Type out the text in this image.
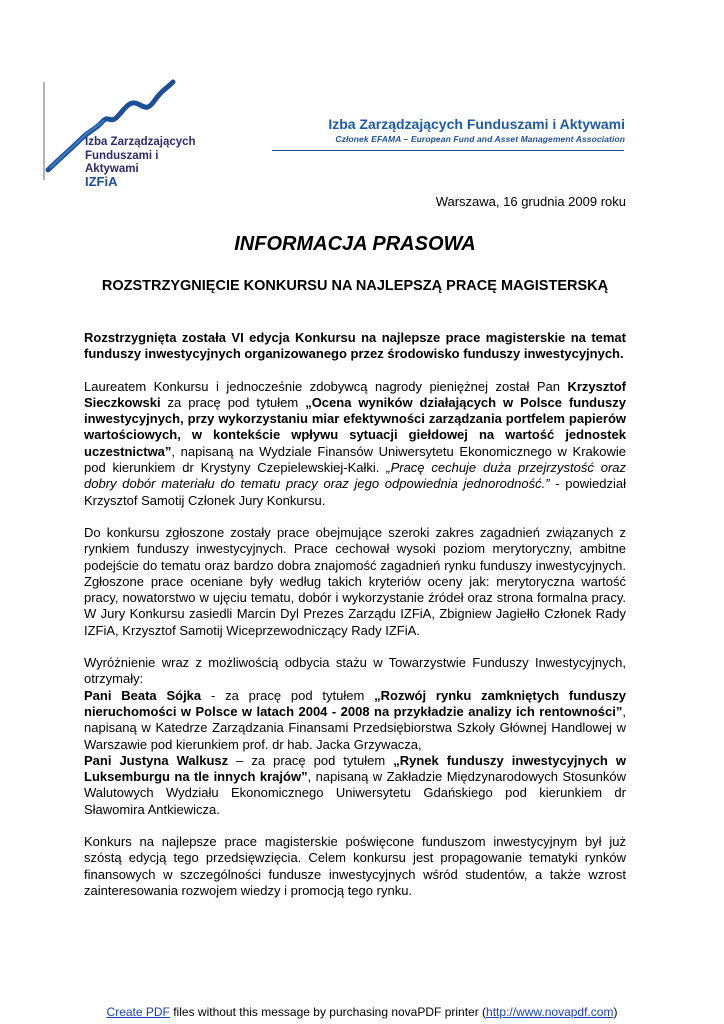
Izba Zarządzających
Funduszami i Aktywami
IZFiA
Izba Zarządzających Funduszami i Aktywami
Członek EFAMA – European Fund and Asset Management Association
Warszawa, 16 grudnia 2009 roku
INFORMACJA PRASOWA
ROZSTRZYGNIĘCIE KONKURSU NA NAJLEPSZĄ PRACĘ MAGISTERSKĄ

Rozstrzygnięta została VI edycja Konkursu na najlepsze prace magisterskie na temat funduszy inwestycyjnych organizowanego przez środowisko funduszy inwestycyjnych.

Laureatem Konkursu i jednocześnie zdobywcą nagrody pieniężnej został Pan Krzysztof Sieczkowski za pracę pod tytułem „Ocena wyników działających w Polsce funduszy inwestycyjnych, przy wykorzystaniu miar efektywności zarządzania portfelem papierów wartościowych, w kontekście wpływu sytuacji giełdowej na wartość jednostek uczestnictwa”, napisaną na Wydziale Finansów Uniwersytetu Ekonomicznego w Krakowie pod kierunkiem dr Krystyny Czepielewskiej-Kałki. „Pracę cechuje duża przejrzystość oraz dobry dobór materiału do tematu pracy oraz jego odpowiednia jednorodność.” - powiedział Krzysztof Samotij Członek Jury Konkursu.

Do konkursu zgłoszone zostały prace obejmujące szeroki zakres zagadnień związanych z rynkiem funduszy inwestycyjnych. Prace cechował wysoki poziom merytoryczny, ambitne podejście do tematu oraz bardzo dobra znajomość zagadnień rynku funduszy inwestycyjnych. Zgłoszone prace oceniane były według takich kryteriów oceny jak: merytoryczna wartość pracy, nowatorstwo w ujęciu tematu, dobór i wykorzystanie źródeł oraz strona formalna pracy. W Jury Konkursu zasiedli Marcin Dyl Prezes Zarządu IZFiA, Zbigniew Jagiełło Członek Rady IZFiA, Krzysztof Samotij Wiceprzewodniczący Rady IZFiA.

Wyróżnienie wraz z możliwością odbycia stażu w Towarzystwie Funduszy Inwestycyjnych, otrzymały:
Pani Beata Sójka - za pracę pod tytułem „Rozwój rynku zamkniętych funduszy nieruchomości w Polsce w latach 2004 - 2008 na przykładzie analizy ich rentowności”, napisaną w Katedrze Zarządzania Finansami Przedsiębiorstwa Szkoły Głównej Handlowej w Warszawie pod kierunkiem prof. dr hab. Jacka Grzywacza,
Pani Justyna Walkusz – za pracę pod tytułem „Rynek funduszy inwestycyjnych w Luksemburgu na tle innych krajów”, napisaną w Zakładzie Międzynarodowych Stosunków Walutowych Wydziału Ekonomicznego Uniwersytetu Gdańskiego pod kierunkiem dr Sławomira Antkiewicza.

Konkurs na najlepsze prace magisterskie poświęcone funduszom inwestycyjnym był już szóstą edycją tego przedsięwzięcia. Celem konkursu jest propagowanie tematyki rynków finansowych w szczególności fundusze inwestycyjnych wśród studentów, a także wzrost zainteresowania rozwojem wiedzy i promocją tego rynku.

Create PDF files without this message by purchasing novaPDF printer (http://www.novapdf.com)
